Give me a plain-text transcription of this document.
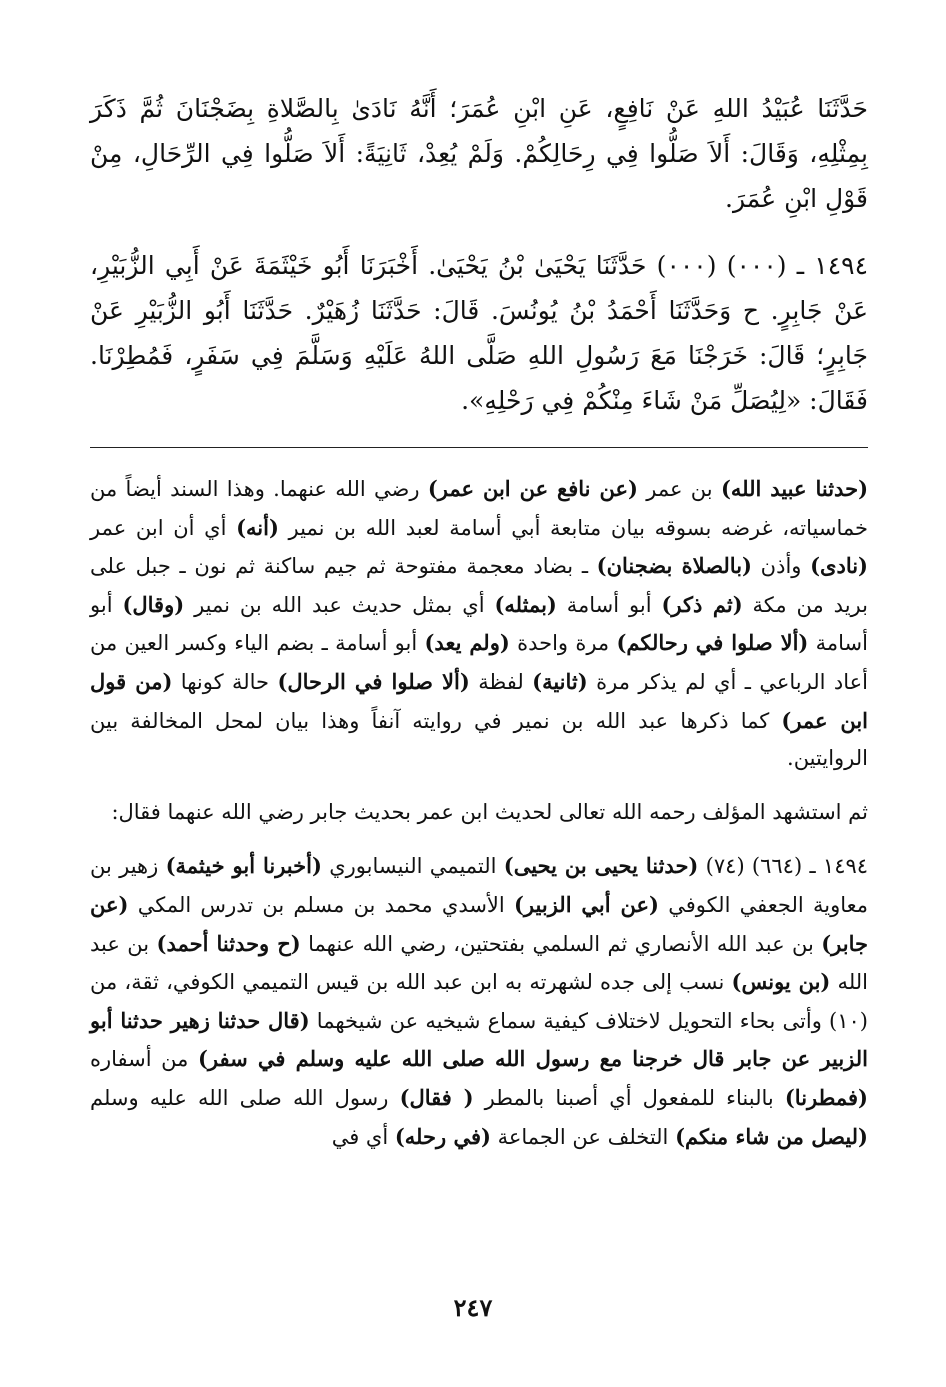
حَدَّثَنَا عُبَيْدُ اللهِ عَنْ نَافِعٍ، عَنِ ابْنِ عُمَرَ؛ أَنَّهُ نَادَىٰ بِالصَّلاةِ بِضَجْنَانَ ثُمَّ ذَكَرَ بِمِثْلِهِ، وَقَالَ: أَلاَ صَلُّوا فِي رِحَالِكُمْ. وَلَمْ يُعِدْ، ثَانِيَةً: أَلاَ صَلُّوا فِي الرِّحَالِ، مِنْ قَوْلِ ابْنِ عُمَرَ.

١٤٩٤ ـ (٠٠٠) (٠٠٠) حَدَّثَنَا يَحْيَىٰ بْنُ يَحْيَىٰ. أَخْبَرَنَا أَبُو خَيْثَمَةَ عَنْ أَبِي الزُّبَيْرِ، عَنْ جَابِرٍ. ح وَحَدَّثَنَا أَحْمَدُ بْنُ يُونُسَ. قَالَ: حَدَّثَنَا زُهَيْرٌ. حَدَّثَنَا أَبُو الزُّبَيْرِ عَنْ جَابِرٍ؛ قَالَ: خَرَجْنَا مَعَ رَسُولِ اللهِ صَلَّى اللهُ عَلَيْهِ وَسَلَّمَ فِي سَفَرٍ، فَمُطِرْنَا. فَقَالَ: «لِيُصَلِّ مَنْ شَاءَ مِنْكُمْ فِي رَحْلِهِ».

(حدثنا عبيد الله) بن عمر (عن نافع عن ابن عمر) رضي الله عنهما. وهذا السند أيضاً من خماسياته، غرضه بسوقه بيان متابعة أبي أسامة لعبد الله بن نمير (أنه) أي أن ابن عمر (نادى) وأذن (بالصلاة بضجنان) ـ بضاد معجمة مفتوحة ثم جيم ساكنة ثم نون ـ جبل على بريد من مكة (ثم ذكر) أبو أسامة (بمثله) أي بمثل حديث عبد الله بن نمير (وقال) أبو أسامة (ألا صلوا في رحالكم) مرة واحدة (ولم يعد) أبو أسامة ـ بضم الياء وكسر العين من أعاد الرباعي ـ أي لم يذكر مرة (ثانية) لفظة (ألا صلوا في الرحال) حالة كونها (من قول ابن عمر) كما ذكرها عبد الله بن نمير في روايته آنفاً وهذا بيان لمحل المخالفة بين الروايتين.

ثم استشهد المؤلف رحمه الله تعالى لحديث ابن عمر بحديث جابر رضي الله عنهما فقال:

١٤٩٤ ـ (٦٦٤) (٧٤) (حدثنا يحيى بن يحيى) التميمي النيسابوري (أخبرنا أبو خيثمة) زهير بن معاوية الجعفي الكوفي (عن أبي الزبير) الأسدي محمد بن مسلم بن تدرس المكي (عن جابر) بن عبد الله الأنصاري ثم السلمي بفتحتين، رضي الله عنهما (ح وحدثنا أحمد) بن عبد الله (بن يونس) نسب إلى جده لشهرته به ابن عبد الله بن قيس التميمي الكوفي، ثقة، من (١٠) وأتى بحاء التحويل لاختلاف كيفية سماع شيخيه عن شيخهما (قال حدثنا زهير حدثنا أبو الزبير عن جابر قال خرجنا مع رسول الله صلى الله عليه وسلم في سفر) من أسفاره (فمطرنا) بالبناء للمفعول أي أصبنا بالمطر ( فقال) رسول الله صلى الله عليه وسلم (ليصل من شاء منكم) التخلف عن الجماعة (في رحله) أي في

٢٤٧
